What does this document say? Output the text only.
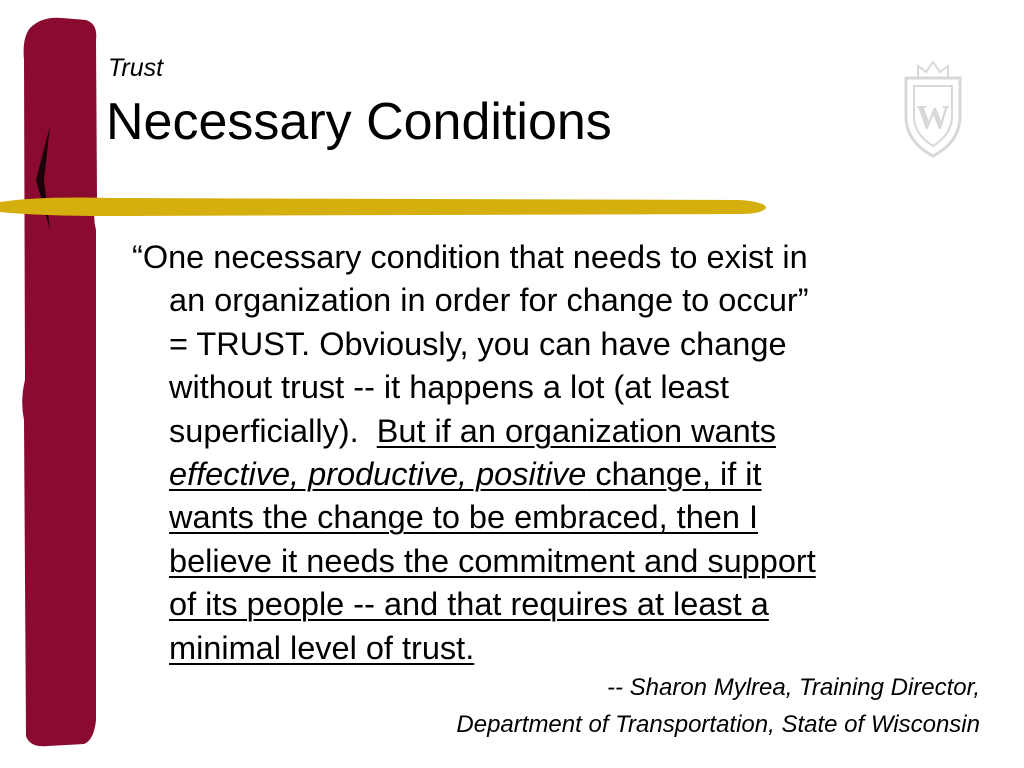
W
Trust
Necessary Conditions
“One necessary condition that needs to exist in
an organization in order for change to occur”
= TRUST. Obviously, you can have change
without trust -- it happens a lot (at least
superficially).  But if an organization wants
effective, productive, positive change, if it
wants the change to be embraced, then I
believe it needs the commitment and support
of its people -- and that requires at least a
minimal level of trust.
-- Sharon Mylrea, Training Director,
Department of Transportation, State of Wisconsin
